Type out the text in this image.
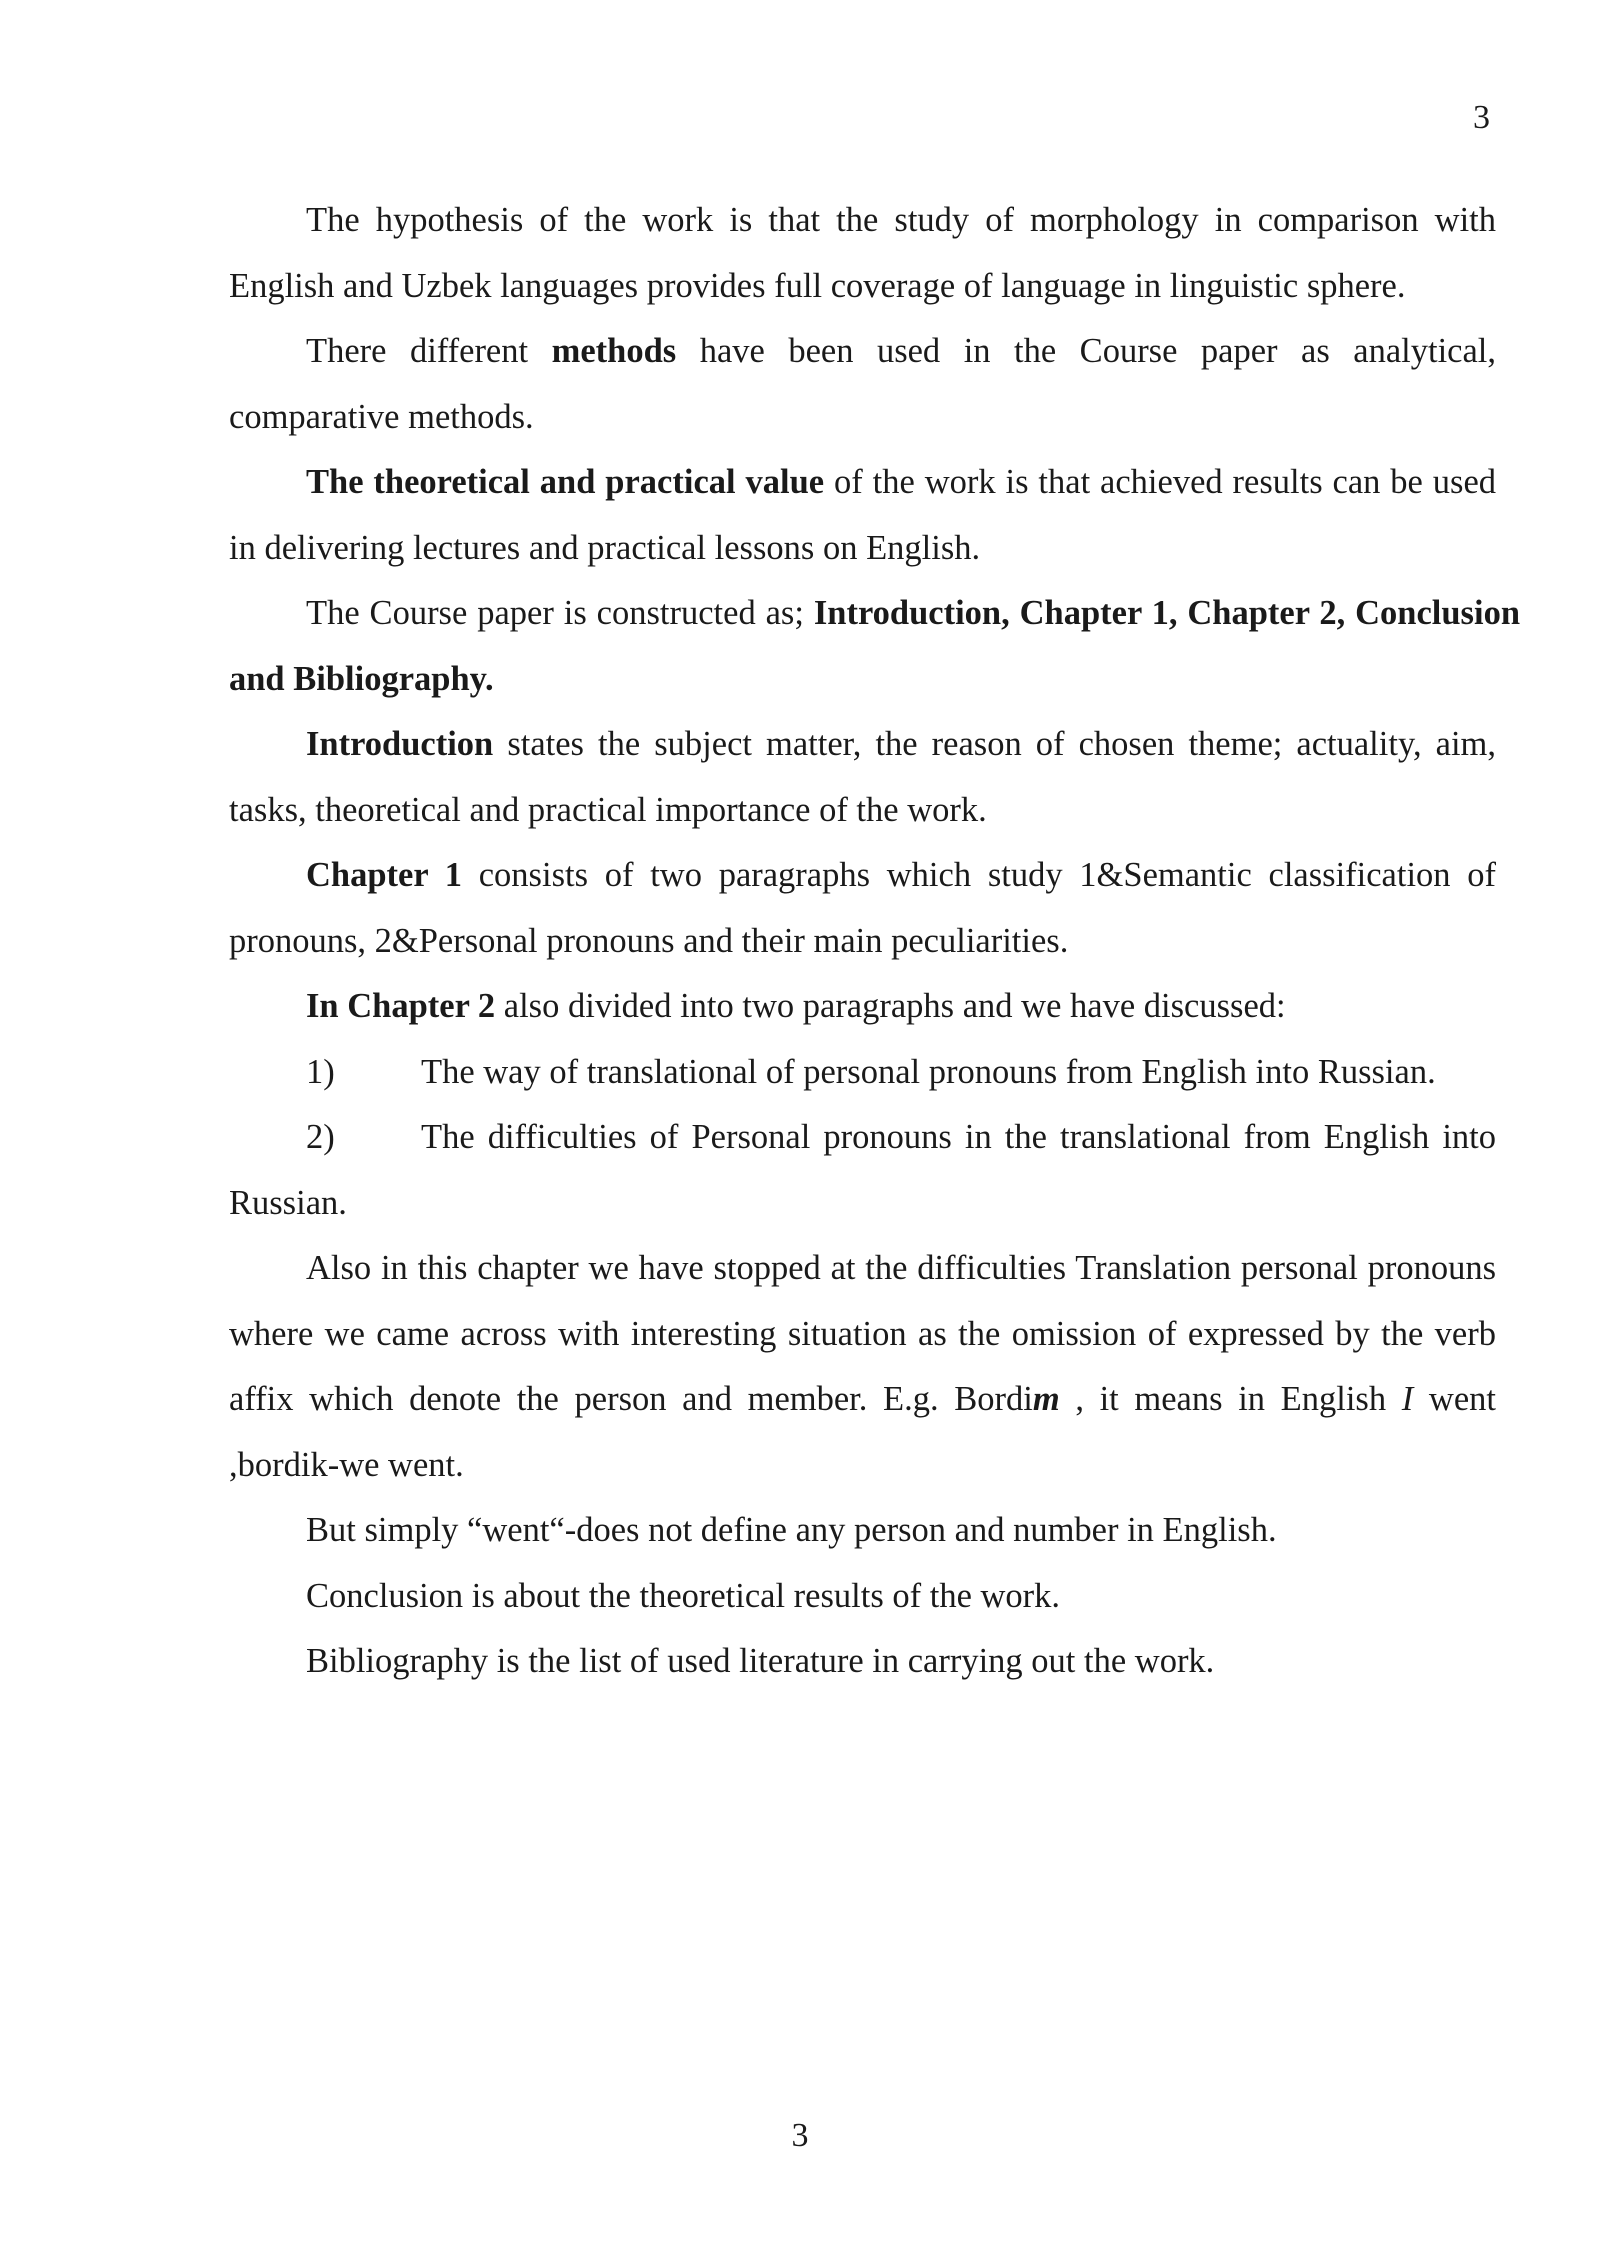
3

The hypothesis of the work is that the study of morphology in comparison with English and Uzbek languages provides full coverage of language in linguistic sphere.

There different methods have been used in the Course paper as analytical, comparative methods.

The theoretical and practical value of the work is that achieved results can be used in delivering lectures and practical lessons on English.

The Course paper is constructed as; Introduction, Chapter 1, Chapter 2, Conclusion and Bibliography.

Introduction states the subject matter, the reason of chosen theme; actuality, aim, tasks, theoretical and practical importance of the work.

Chapter 1 consists of two paragraphs which study 1&Semantic classification of pronouns, 2&Personal pronouns and their main peculiarities.

In Chapter 2 also divided into two paragraphs and we have discussed:

1)	The way of translational of personal pronouns from English into Russian.

2)	The difficulties of Personal pronouns in the translational from English into Russian.

Also in this chapter we have stopped at the difficulties Translation personal pronouns where we came across with interesting situation as the omission of expressed by the verb affix which denote the person and member. E.g. Bordim , it means in English I went ,bordik-we went.

But simply “went“-does not define any person and number in English.

Conclusion is about the theoretical results of the work.

Bibliography is the list of used literature in carrying out the work.

3
